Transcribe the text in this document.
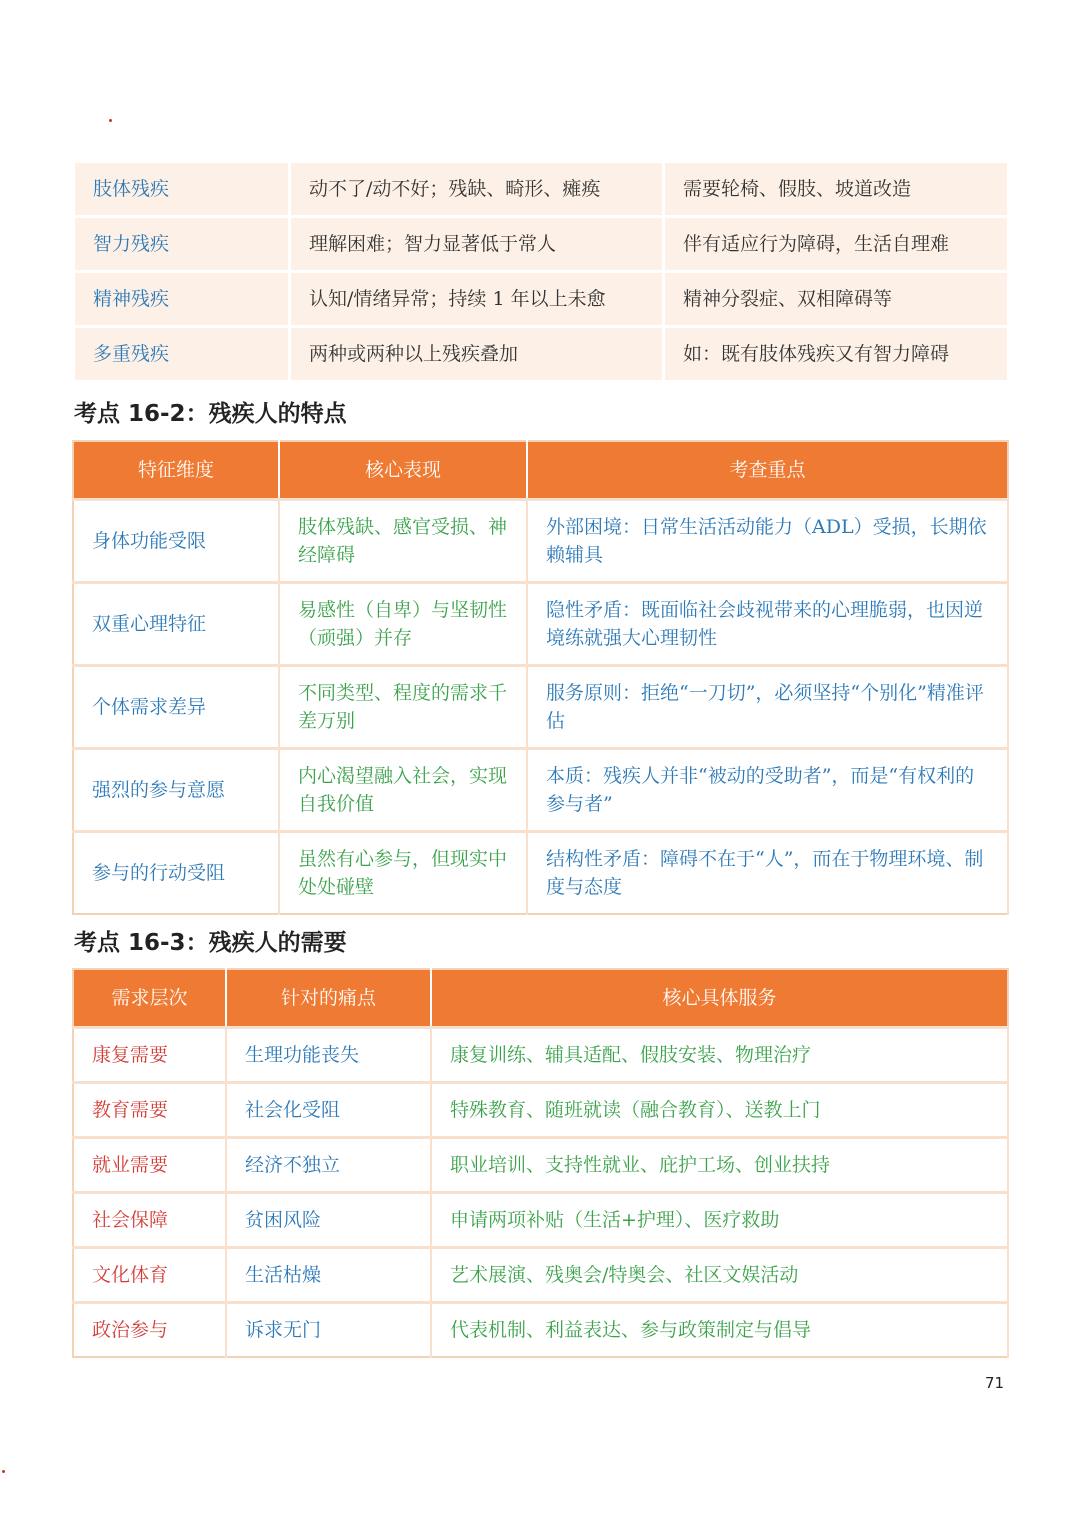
肢体残疾	动不了/动不好；残缺、畸形、瘫痪	需要轮椅、假肢、坡道改造
智力残疾	理解困难；智力显著低于常人	伴有适应行为障碍，生活自理难
精神残疾	认知/情绪异常；持续 1 年以上未愈	精神分裂症、双相障碍等
多重残疾	两种或两种以上残疾叠加	如：既有肢体残疾又有智力障碍
考点 16-2：残疾人的特点
特征维度	核心表现	考查重点
身体功能受限	肢体残缺、感官受损、神经障碍	外部困境：日常生活活动能力（ADL）受损，长期依赖辅具
双重心理特征	易感性（自卑）与坚韧性（顽强）并存	隐性矛盾：既面临社会歧视带来的心理脆弱，也因逆境练就强大心理韧性
个体需求差异	不同类型、程度的需求千差万别	服务原则：拒绝“一刀切”，必须坚持“个别化”精准评估
强烈的参与意愿	内心渴望融入社会，实现自我价值	本质：残疾人并非“被动的受助者”，而是“有权利的参与者”
参与的行动受阻	虽然有心参与，但现实中处处碰壁	结构性矛盾：障碍不在于“人”，而在于物理环境、制度与态度
考点 16-3：残疾人的需要
需求层次	针对的痛点	核心具体服务
康复需要	生理功能丧失	康复训练、辅具适配、假肢安装、物理治疗
教育需要	社会化受阻	特殊教育、随班就读（融合教育）、送教上门
就业需要	经济不独立	职业培训、支持性就业、庇护工场、创业扶持
社会保障	贫困风险	申请两项补贴（生活+护理）、医疗救助
文化体育	生活枯燥	艺术展演、残奥会/特奥会、社区文娱活动
政治参与	诉求无门	代表机制、利益表达、参与政策制定与倡导
71
